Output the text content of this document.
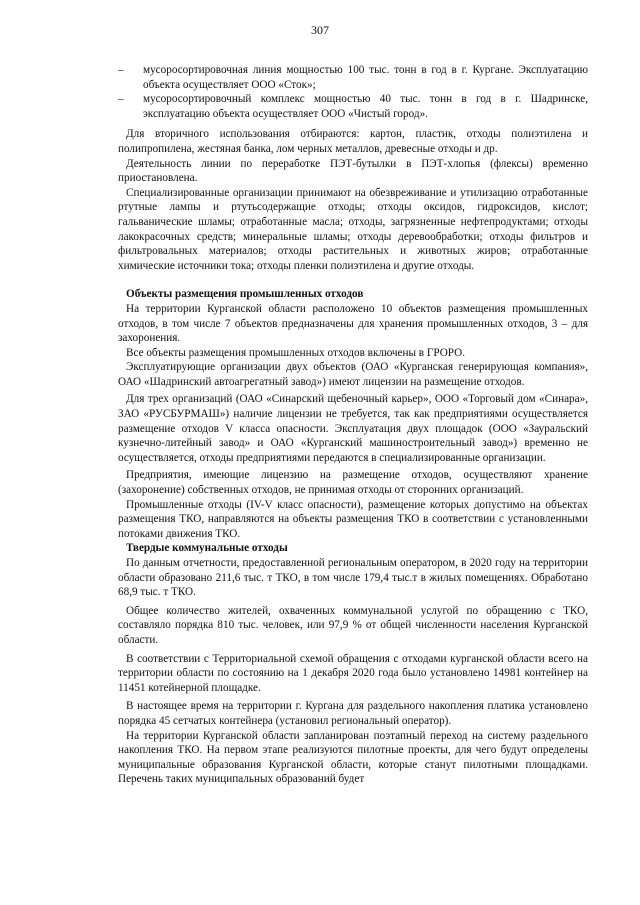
307
–	мусоросортировочная линия мощностью 100 тыс. тонн в год в г. Кургане. Эксплуатацию объекта осуществляет ООО «Сток»;
–	мусоросортировочный комплекс мощностью 40 тыс. тонн в год в г. Шадринске, эксплуатацию объекта осуществляет ООО «Чистый город».

Для вторичного использования отбираются: картон, пластик, отходы полиэтилена и полипропилена, жестяная банка, лом черных металлов, древесные отходы и др.

Деятельность линии по переработке ПЭТ-бутылки в ПЭТ-хлопья (флексы) временно приостановлена.

Специализированные организации принимают на обезвреживание и утилизацию отработанные ртутные лампы и ртутьсодержащие отходы; отходы оксидов, гидроксидов, кислот; гальванические шламы; отработанные масла; отходы, загрязненные нефтепродуктами; отходы лакокрасочных средств; минеральные шламы; отходы деревообработки; отходы фильтров и фильтровальных материалов; отходы растительных и животных жиров; отработанные химические источники тока; отходы пленки полиэтилена и другие отходы.

Объекты размещения промышленных отходов

На территории Курганской области расположено 10 объектов размещения промышленных отходов, в том числе 7 объектов предназначены для хранения промышленных отходов, 3 – для захоронения.

Все объекты размещения промышленных отходов включены в ГРОРО.

Эксплуатирующие организации двух объектов (ОАО «Курганская генерирующая компания», ОАО «Шадринский автоагрегатный завод») имеют лицензии на размещение отходов.

Для трех организаций (ОАО «Синарский щебеночный карьер», ООО «Торговый дом «Синара», ЗАО «РУСБУРМАШ») наличие лицензии не требуется, так как предприятиями осуществляется размещение отходов V класса опасности. Эксплуатация двух площадок (ООО «Зауральский кузнечно-литейный завод» и ОАО «Курганский машиностроительный завод») временно не осуществляется, отходы предприятиями передаются в специализированные организации.

Предприятия, имеющие лицензию на размещение отходов, осуществляют хранение (захоронение) собственных отходов, не принимая отходы от сторонних организаций.

Промышленные отходы (IV-V класс опасности), размещение которых допустимо на объектах размещения ТКО, направляются на объекты размещения ТКО в соответствии с установленными потоками движения ТКО.

Твердые коммунальные отходы

По данным отчетности, предоставленной региональным оператором, в 2020 году на территории области образовано 211,6 тыс. т ТКО, в том числе 179,4 тыс.т в жилых помещениях. Обработано 68,9 тыс. т ТКО.

Общее количество жителей, охваченных коммунальной услугой по обращению с ТКО, составляло порядка 810 тыс. человек, или 97,9 % от общей численности населения Курганской области.

В соответствии с Территориальной схемой обращения с отходами курганской области всего на территории области по состоянию на 1 декабря 2020 года было установлено 14981 контейнер на 11451 котейнерной площадке.

В настоящее время на территории г. Кургана для раздельного накопления платика установлено порядка 45 сетчатых контейнера (установил региональный оператор).

На территории Курганской области запланирован поэтапный переход на систему раздельного накопления ТКО. На первом этапе реализуются пилотные проекты, для чего будут определены муниципальные образования Курганской области, которые станут пилотными площадками. Перечень таких муниципальных образований будет
